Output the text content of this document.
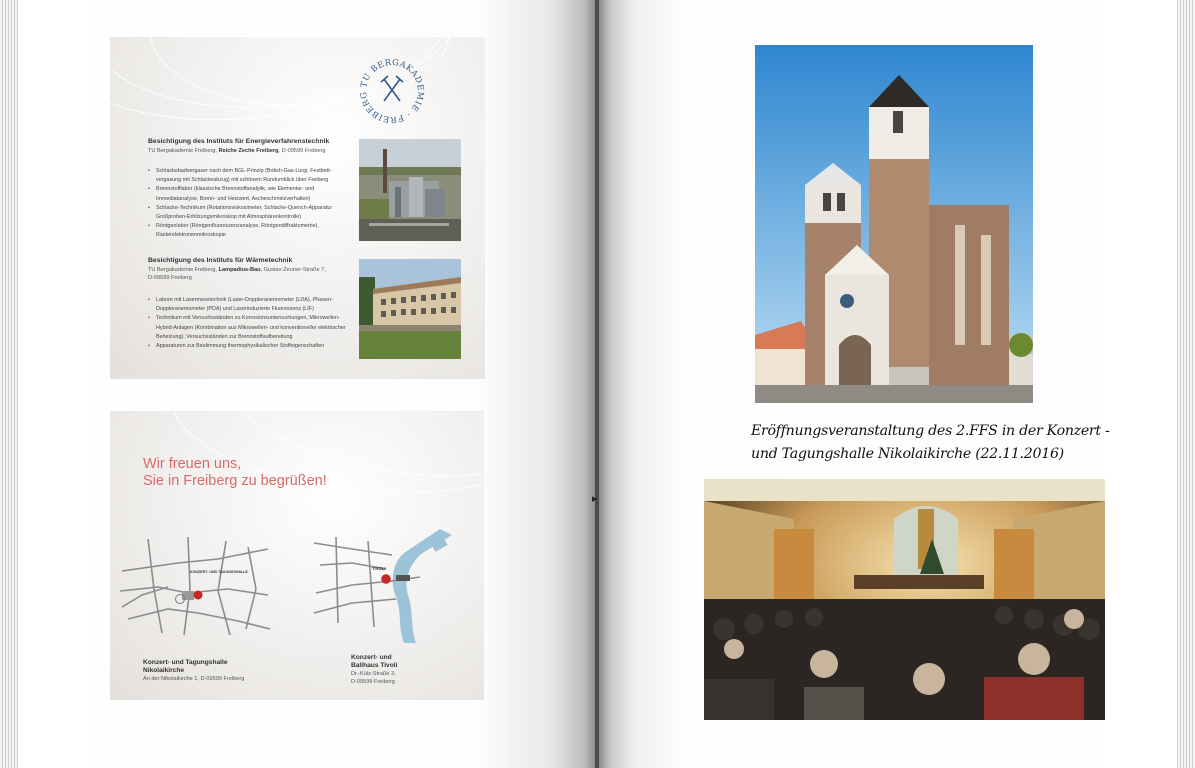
TU BERGAKADEMIE · FREIBERG
Besichtigung des Instituts für Energieverfahrenstechnik
TU Bergakademie Freiberg, Reiche Zeche Freiberg, D-09599 Freiberg
• Schlackebadvergaser nach dem BGL-Prinzip (British-Gas-Lurgi, Festbett-vergasung mit Schlackeabzug) mit schönem Rundumblick über Freiberg
• Brennstofflabor (klassische Brennstoffanalytik, wie Elementar- und Immediatanalyse, Brenn- und Heizwert, Ascheschmelzverhalten)
• Schlacke-Technikum (Rotationsviskosimeter, Schlacke-Quench-Apparatur Großproben-Erhitzungsmikroskop mit Atmosphärenkontrolle)
• Röntgenlabor (Röntgenfluoreszenzanalyse, Röntgendiffraktometrie), Rasterelektronenmikroskopie
Besichtigung des Instituts für Wärmetechnik
TU Bergakademie Freiberg, Lampadius-Bau, Gustav-Zeuner-Straße 7,
D-09599 Freiberg
• Labore mit Lasermesstechnik (Laser-Doppleranemometer (LDA), Phasen-Doppleranemometer (PDA) und Laserinduzierte Fluoreszenz (LIF)
• Technikum mit Versuchsständen zu Korrosionsuntersuchungen, Mikrowellen-Hybrid-Anlagen (Kombination aus Mikrowellen- und konventioneller elektrischer Beheizung), Versuchsständen zur Brennstoffaufbereitung
• Apparaturen zur Bestimmung thermophysikalischer Stoffeigenschaften
Wir freuen uns,
Sie in Freiberg zu begrüßen!
KONZERT- UND TAGUNGSHALLE
TIVOLI
Konzert- und Tagungshalle
Nikolaikirche
An der Nikolaikirche 1, D-09599 Freiberg
Konzert- und
Ballhaus Tivoli
Dr.-Külz-Straße 3,
D-09599 Freiberg
Eröffnungsveranstaltung des 2.FFS in der Konzert -
und Tagungshalle Nikolaikirche (22.11.2016)
▸
